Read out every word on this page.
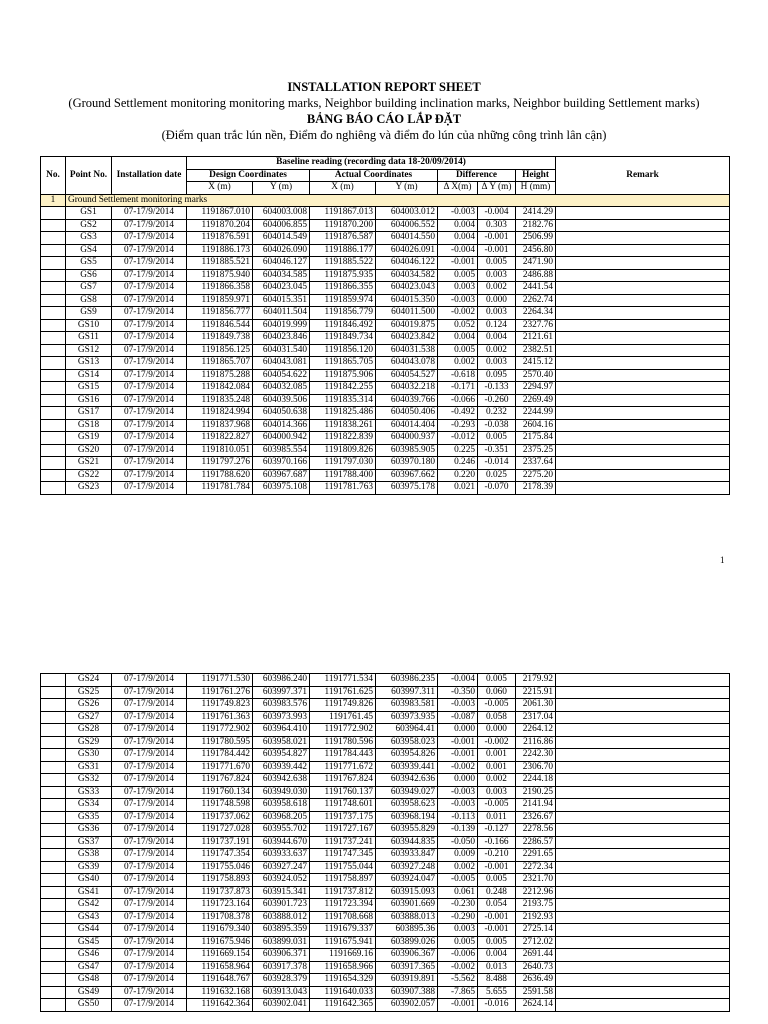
INSTALLATION REPORT SHEET
(Ground Settlement monitoring monitoring marks, Neighbor building inclination marks, Neighbor building Settlement marks)
BẢNG BÁO CÁO LẮP ĐẶT
(Điểm quan trắc lún nền, Điểm đo nghiêng và điểm đo lún của những công trình lân cận)
No.	Point No.	Installation date	Baseline reading (recording data 18-20/09/2014)							Remark
			Design Coordinates		Actual Coordinates		Difference		Height	
			X (m)	Y (m)	X (m)	Y (m)	Δ X(m)	Δ Y (m)	H (mm)	
1	Ground Settlement monitoring marks									
	GS1	07-17/9/2014	1191867.010	604003.008	1191867.013	604003.012	-0.003	-0.004	2414.29	
	GS2	07-17/9/2014	1191870.204	604006.855	1191870.200	604006.552	0.004	0.303	2182.76	
	GS3	07-17/9/2014	1191876.591	604014.549	1191876.587	604014.550	0.004	-0.001	2506.99	
	GS4	07-17/9/2014	1191886.173	604026.090	1191886.177	604026.091	-0.004	-0.001	2456.80	
	GS5	07-17/9/2014	1191885.521	604046.127	1191885.522	604046.122	-0.001	0.005	2471.90	
	GS6	07-17/9/2014	1191875.940	604034.585	1191875.935	604034.582	0.005	0.003	2486.88	
	GS7	07-17/9/2014	1191866.358	604023.045	1191866.355	604023.043	0.003	0.002	2441.54	
	GS8	07-17/9/2014	1191859.971	604015.351	1191859.974	604015.350	-0.003	0.000	2262.74	
	GS9	07-17/9/2014	1191856.777	604011.504	1191856.779	604011.500	-0.002	0.003	2264.34	
	GS10	07-17/9/2014	1191846.544	604019.999	1191846.492	604019.875	0.052	0.124	2327.76	
	GS11	07-17/9/2014	1191849.738	604023.846	1191849.734	604023.842	0.004	0.004	2121.61	
	GS12	07-17/9/2014	1191856.125	604031.540	1191856.120	604031.538	0.005	0.002	2382.51	
	GS13	07-17/9/2014	1191865.707	604043.081	1191865.705	604043.078	0.002	0.003	2415.12	
	GS14	07-17/9/2014	1191875.288	604054.622	1191875.906	604054.527	-0.618	0.095	2570.40	
	GS15	07-17/9/2014	1191842.084	604032.085	1191842.255	604032.218	-0.171	-0.133	2294.97	
	GS16	07-17/9/2014	1191835.248	604039.506	1191835.314	604039.766	-0.066	-0.260	2269.49	
	GS17	07-17/9/2014	1191824.994	604050.638	1191825.486	604050.406	-0.492	0.232	2244.99	
	GS18	07-17/9/2014	1191837.968	604014.366	1191838.261	604014.404	-0.293	-0.038	2604.16	
	GS19	07-17/9/2014	1191822.827	604000.942	1191822.839	604000.937	-0.012	0.005	2175.84	
	GS20	07-17/9/2014	1191810.051	603985.554	1191809.826	603985.905	0.225	-0.351	2375.25	
	GS21	07-17/9/2014	1191797.276	603970.166	1191797.030	603970.180	0.246	-0.014	2337.64	
	GS22	07-17/9/2014	1191788.620	603967.687	1191788.400	603967.662	0.220	0.025	2275.20	
	GS23	07-17/9/2014	1191781.784	603975.108	1191781.763	603975.178	0.021	-0.070	2178.39	
1
	GS24	07-17/9/2014	1191771.530	603986.240	1191771.534	603986.235	-0.004	0.005	2179.92	
	GS25	07-17/9/2014	1191761.276	603997.371	1191761.625	603997.311	-0.350	0.060	2215.91	
	GS26	07-17/9/2014	1191749.823	603983.576	1191749.826	603983.581	-0.003	-0.005	2061.30	
	GS27	07-17/9/2014	1191761.363	603973.993	1191761.45	603973.935	-0.087	0.058	2317.04	
	GS28	07-17/9/2014	1191772.902	603964.410	1191772.902	603964.41	0.000	0.000	2264.12	
	GS29	07-17/9/2014	1191780.595	603958.021	1191780.596	603958.023	-0.001	-0.002	2116.86	
	GS30	07-17/9/2014	1191784.442	603954.827	1191784.443	603954.826	-0.001	0.001	2242.30	
	GS31	07-17/9/2014	1191771.670	603939.442	1191771.672	603939.441	-0.002	0.001	2306.70	
	GS32	07-17/9/2014	1191767.824	603942.638	1191767.824	603942.636	0.000	0.002	2244.18	
	GS33	07-17/9/2014	1191760.134	603949.030	1191760.137	603949.027	-0.003	0.003	2190.25	
	GS34	07-17/9/2014	1191748.598	603958.618	1191748.601	603958.623	-0.003	-0.005	2141.94	
	GS35	07-17/9/2014	1191737.062	603968.205	1191737.175	603968.194	-0.113	0.011	2326.67	
	GS36	07-17/9/2014	1191727.028	603955.702	1191727.167	603955.829	-0.139	-0.127	2278.56	
	GS37	07-17/9/2014	1191737.191	603944.670	1191737.241	603944.835	-0.050	-0.166	2286.57	
	GS38	07-17/9/2014	1191747.354	603933.637	1191747.345	603933.847	0.009	-0.210	2291.65	
	GS39	07-17/9/2014	1191755.046	603927.247	1191755.044	603927.248	0.002	-0.001	2272.34	
	GS40	07-17/9/2014	1191758.893	603924.052	1191758.897	603924.047	-0.005	0.005	2321.70	
	GS41	07-17/9/2014	1191737.873	603915.341	1191737.812	603915.093	0.061	0.248	2212.96	
	GS42	07-17/9/2014	1191723.164	603901.723	1191723.394	603901.669	-0.230	0.054	2193.75	
	GS43	07-17/9/2014	1191708.378	603888.012	1191708.668	603888.013	-0.290	-0.001	2192.93	
	GS44	07-17/9/2014	1191679.340	603895.359	1191679.337	603895.36	0.003	-0.001	2725.14	
	GS45	07-17/9/2014	1191675.946	603899.031	1191675.941	603899.026	0.005	0.005	2712.02	
	GS46	07-17/9/2014	1191669.154	603906.371	1191669.16	603906.367	-0.006	0.004	2691.44	
	GS47	07-17/9/2014	1191658.964	603917.378	1191658.966	603917.365	-0.002	0.013	2640.73	
	GS48	07-17/9/2014	1191648.767	603928.379	1191654.329	603919.891	-5.562	8.488	2636.49	
	GS49	07-17/9/2014	1191632.168	603913.043	1191640.033	603907.388	-7.865	5.655	2591.58	
	GS50	07-17/9/2014	1191642.364	603902.041	1191642.365	603902.057	-0.001	-0.016	2624.14	
